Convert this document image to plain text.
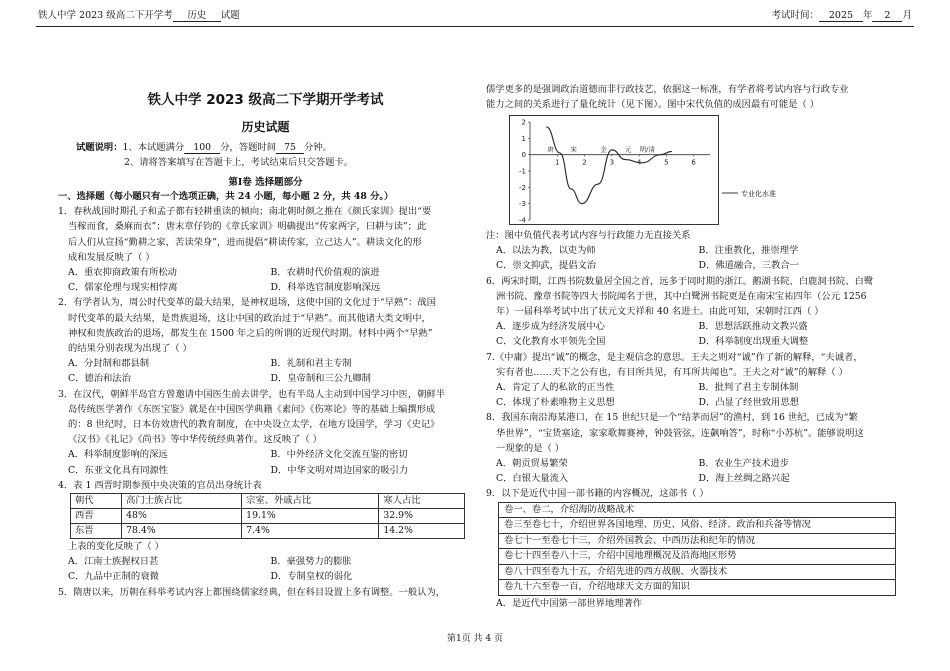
铁人中学 2023 级高二下开学考 历史 试题	考试时间： 2025 年 2 月
铁人中学 2023 级高二下学期开学考试
历史试题
试题说明：1、本试题满分 100 分，答题时间 75 分钟。
2、请将答案填写在答题卡上，考试结束后只交答题卡。
第Ⅰ卷 选择题部分
一、选择题（每小题只有一个选项正确，共 24 小题，每小题 2 分，共 48 分。）
1．春秋战国时期孔子和孟子都有轻耕重读的倾向；南北朝时颜之推在《颜氏家训》提出“要
当稼而食，桑麻而衣”；唐末章仔钧的《章氏家训》明确提出“传家两字，曰耕与读”；此
后人们从宣扬“勤耕之家，苦读荣身”，进而提倡“耕读传家，立己达人”。耕读文化的形
成和发展反映了（ ）
A．重农抑商政策有所松动	B．农耕时代价值观的演进
C．儒家伦理与现实相悖离	D．科举选官制度影响深远
2．有学者认为，周公时代变革的最大结果，是神权退场，这使中国的文化过于“早熟”：战国
时代变革的最大结果，是贵族退场，这让中国的政治过于“早熟”。而其他诸大类文明中，
神权和贵族政治的退场，都发生在 1500 年之后的所谓的近现代时期。材料中两个“早熟”
的结果分别表现为出现了（ ）
A．分封制和郡县制	B．礼制和君主专制
C．德治和法治	D．皇帝制和三公九卿制
3．在汉代，朝鲜半岛官方曾邀请中国医生前去讲学，也有半岛人主动到中国学习中医，朝鲜半
岛传统医学著作《东医宝鉴》就是在中国医学典籍《素问》《伤寒论》等的基础上编撰形成
的：8 世纪时，日本仿效唐代的教育制度，在中央设立太学，在地方设国学，学习《史记》
《汉书》《礼记》《尚书》等中华传统经典著作。这反映了（ ）
A．科举制度影响的深远	B．中外经济文化交流互鉴的密切
C．东亚文化具有同源性	D．中华文明对周边国家的吸引力
4．表 1 西晋时期参预中央决策的官员出身统计表
朝代	高门士族占比	宗室、外戚占比	寒人占比
西晋	48%	19.1%	32.9%
东晋	78.4%	7.4%	14.2%
上表的变化反映了（ ）
A．江南士族握权日甚	B．豪强势力的膨胀
C．九品中正制的衰微	D．专制皇权的弱化
5．隋唐以来，历朝在科举考试内容上都围绕儒家经典，但在科目设置上多有调整。一般认为，
儒学更多的是强调政治道德而非行政技艺，依据这一标准，有学者将考试内容与行政专业
能力之间的关系进行了量化统计（见下图）。图中宋代负值的成因最有可能是（ ）
2
1
0
-1
-2
-3
-4
1	2	3	4	5	6
唐	宋	金	元 明/清
专业化水准
注：图中负值代表考试内容与行政能力无直接关系
A．以法为教，以吏为师	B．注重教化，推崇理学
C．崇文抑武，提倡文治	D．佛道融合，三教合一
6．两宋时期，江西书院数量居全国之首，远多于同时期的浙江。鹅湖书院、白鹿洞书院、白鹭
洲书院、豫章书院等四大书院闻名于世，其中白鹭洲书院更是在南宋宝祐四年（公元 1256
年）一届科举考试中出了状元文天祥和 40 名进士。由此可知，宋朝时江西（ ）
A．逐步成为经济发展中心	B．思想活跃推动文教兴盛
C．文化教育水平领先全国	D．科举制度出现重大调整
7.《中庸》提出“诚”的概念，是主观信念的意思。王夫之则对“诚”作了新的解释，“夫诚者，
实有者也……天下之公有也，有目所共见，有耳所共闻也”。王夫之对“诚”的解释（ ）
A．肯定了人的私欲的正当性	B．批判了君主专制体制
C．体现了朴素唯物主义思想	D．凸显了经世致用思想
8．我国东南沿海某港口，在 15 世纪只是一个“结茅而居”的渔村，到 16 世纪，已成为“繁
华世界”，“宝货塞途，家家歌舞赛神，钟鼓管弦，连飙响答”，时称“小苏杭”。能够说明这
一现象的是（ ）
A．朝贡贸易繁荣	B．农业生产技术进步
C．白银大量流入	D．海上丝绸之路兴起
9．以下是近代中国一部书籍的内容概况，这部书（ ）
卷一、卷二，介绍海防战略战术
卷三至卷七十，介绍世界各国地理、历史、风俗、经济、政治和兵备等情况
卷七十一至卷七十三，介绍外国教会、中西历法和纪年的情况
卷七十四至卷八十三，介绍中国地理概况及沿海地区形势
卷八十四至卷九十五，介绍先进的西方战舰、火器技术
卷九十六至卷一百，介绍地球天文方面的知识
A．是近代中国第一部世界地理著作
第1页 共 4 页
